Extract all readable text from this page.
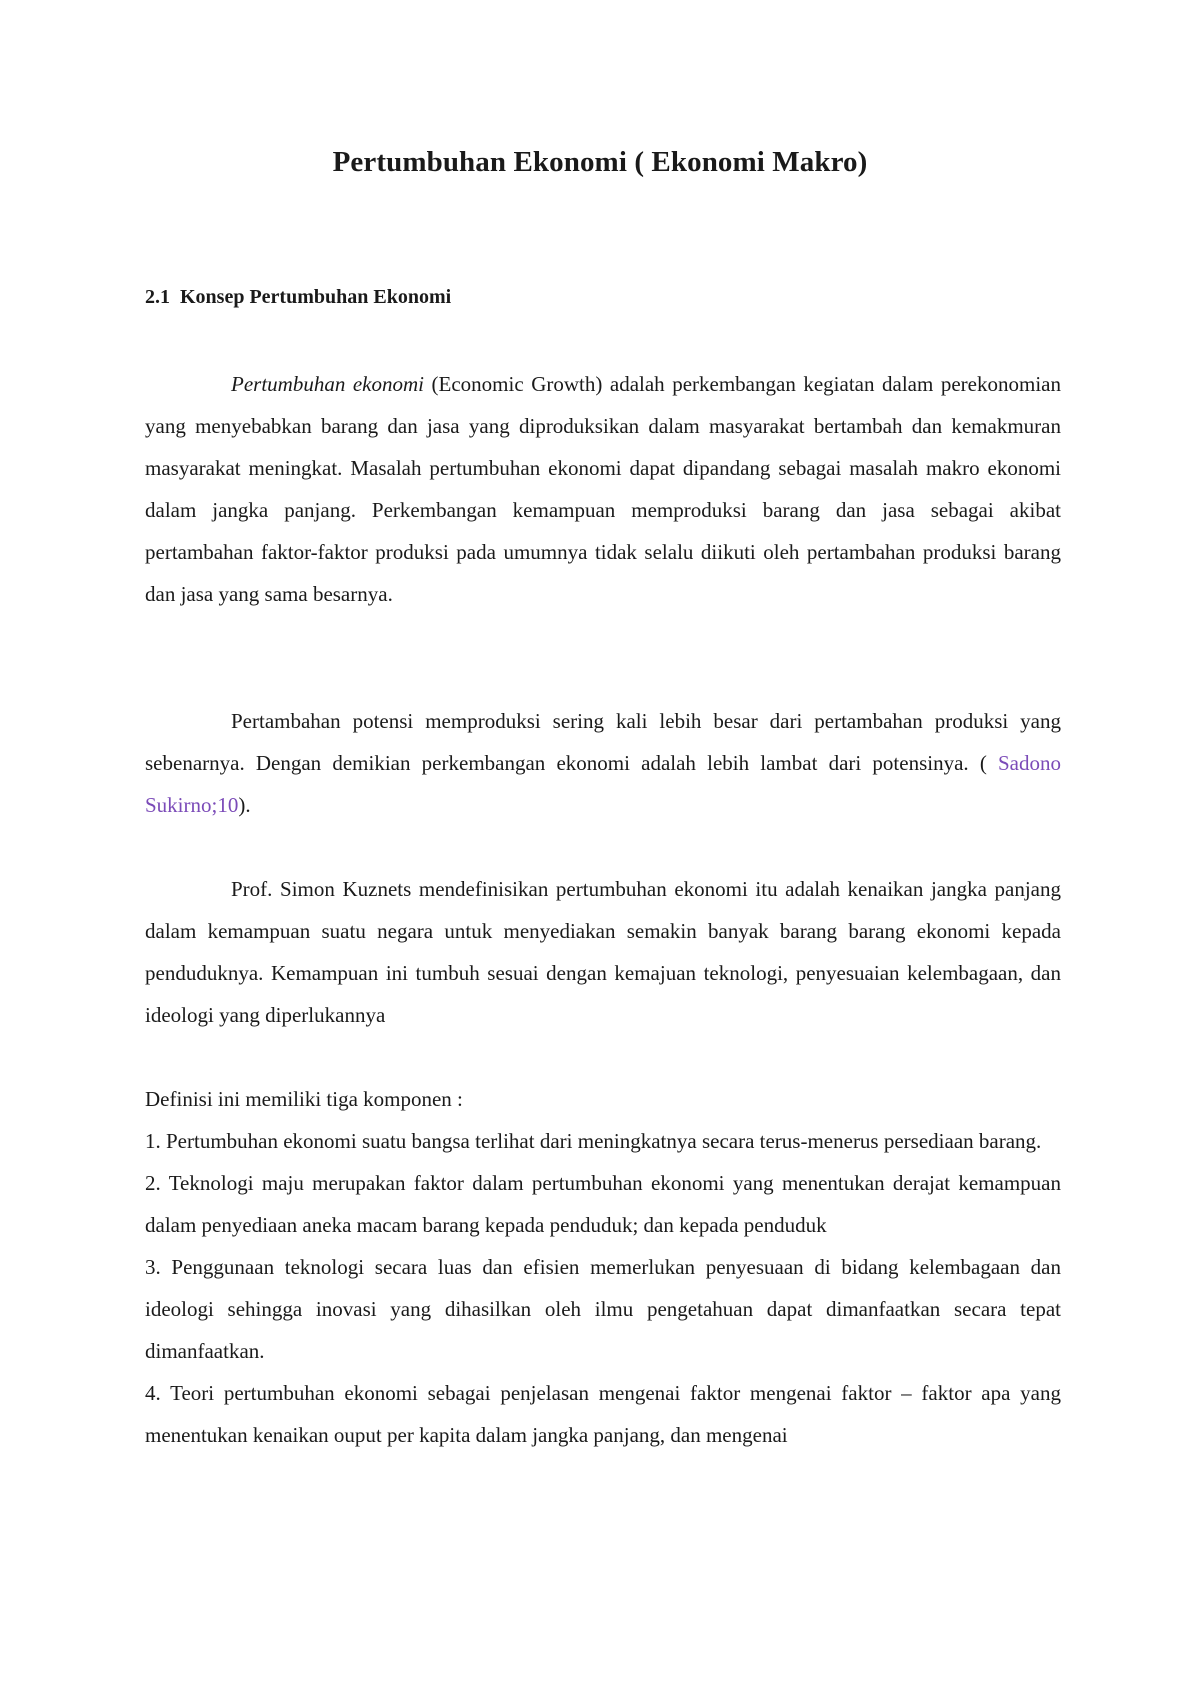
Pertumbuhan Ekonomi ( Ekonomi Makro)
2.1 Konsep Pertumbuhan Ekonomi

Pertumbuhan ekonomi (Economic Growth) adalah perkembangan kegiatan dalam perekonomian yang menyebabkan barang dan jasa yang diproduksikan dalam masyarakat bertambah dan kemakmuran masyarakat meningkat. Masalah pertumbuhan ekonomi dapat dipandang sebagai masalah makro ekonomi dalam jangka panjang. Perkembangan kemampuan memproduksi barang dan jasa sebagai akibat pertambahan faktor-faktor produksi pada umumnya tidak selalu diikuti oleh pertambahan produksi barang dan jasa yang sama besarnya.

Pertambahan potensi memproduksi sering kali lebih besar dari pertambahan produksi yang sebenarnya. Dengan demikian perkembangan ekonomi adalah lebih lambat dari potensinya. ( Sadono Sukirno;10).

Prof. Simon Kuznets mendefinisikan pertumbuhan ekonomi itu adalah kenaikan jangka panjang dalam kemampuan suatu negara untuk menyediakan semakin banyak barang barang ekonomi kepada penduduknya. Kemampuan ini tumbuh sesuai dengan kemajuan teknologi, penyesuaian kelembagaan, dan ideologi yang diperlukannya

Definisi ini memiliki tiga komponen :

1. Pertumbuhan ekonomi suatu bangsa terlihat dari meningkatnya secara terus-menerus persediaan barang.
2. Teknologi maju merupakan faktor dalam pertumbuhan ekonomi yang menentukan derajat kemampuan dalam penyediaan aneka macam barang kepada penduduk; dan kepada penduduk
3. Penggunaan teknologi secara luas dan efisien memerlukan penyesuaan di bidang kelembagaan dan ideologi sehingga inovasi yang dihasilkan oleh ilmu pengetahuan dapat dimanfaatkan secara tepat dimanfaatkan.
4. Teori pertumbuhan ekonomi sebagai penjelasan mengenai faktor mengenai faktor – faktor apa yang menentukan kenaikan ouput per kapita dalam jangka panjang, dan mengenai
